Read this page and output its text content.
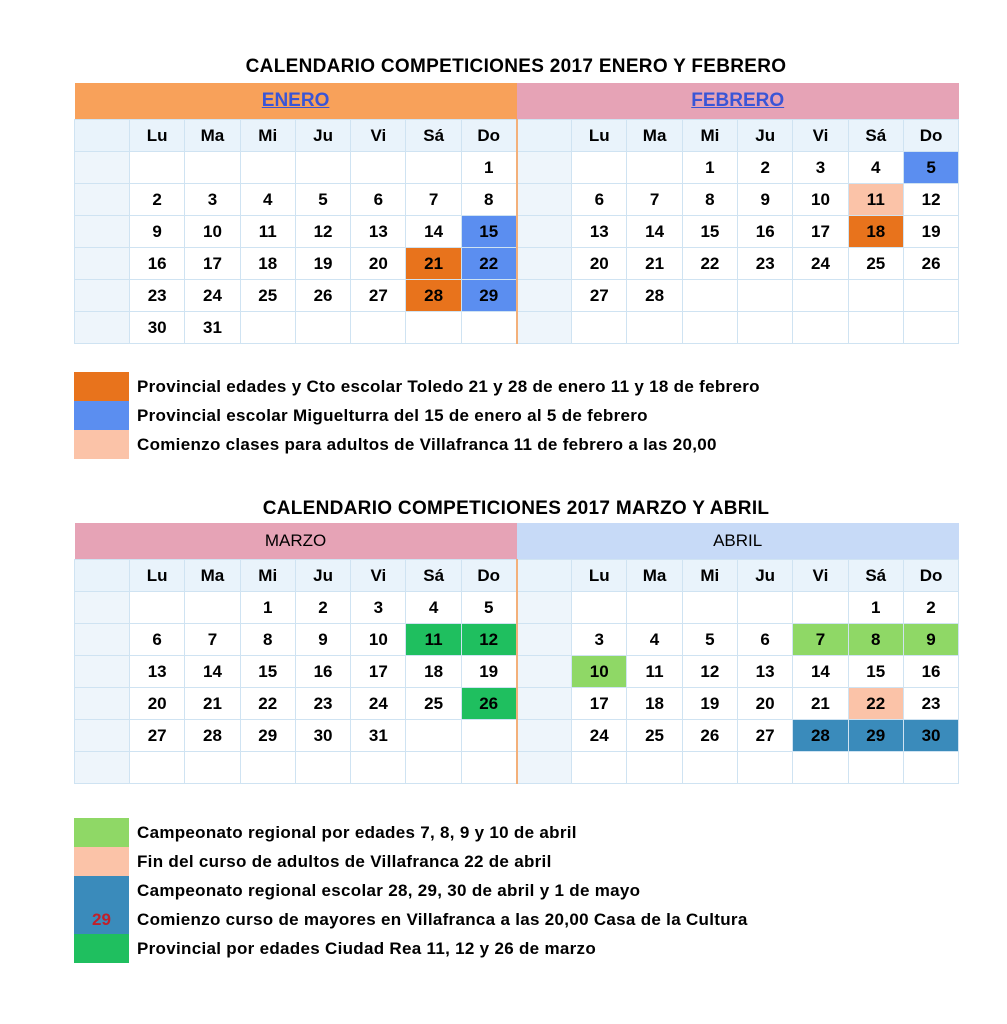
CALENDARIO COMPETICIONES 2017 ENERO Y FEBRERO
ENERO								FEBRERO							
	Lu	Ma	Mi	Ju	Vi	Sá	Do		Lu	Ma	Mi	Ju	Vi	Sá	Do
							1				1	2	3	4	5
	2	3	4	5	6	7	8		6	7	8	9	10	11	12
	9	10	11	12	13	14	15		13	14	15	16	17	18	19
	16	17	18	19	20	21	22		20	21	22	23	24	25	26
	23	24	25	26	27	28	29		27	28					
	30	31													
Provincial edades y Cto escolar Toledo 21 y 28 de enero 11 y 18 de febrero
Provincial escolar Miguelturra del 15 de enero al 5 de febrero
Comienzo clases para adultos de Villafranca 11 de febrero a las 20,00
CALENDARIO COMPETICIONES 2017 MARZO Y ABRIL
MARZO								ABRIL							
	Lu	Ma	Mi	Ju	Vi	Sá	Do		Lu	Ma	Mi	Ju	Vi	Sá	Do
			1	2	3	4	5							1	2
	6	7	8	9	10	11	12		3	4	5	6	7	8	9
	13	14	15	16	17	18	19		10	11	12	13	14	15	16
	20	21	22	23	24	25	26		17	18	19	20	21	22	23
	27	28	29	30	31				24	25	26	27	28	29	30

Campeonato regional por edades 7, 8, 9 y 10 de abril
Fin del curso de adultos de Villafranca 22 de abril
Campeonato regional escolar 28, 29, 30 de abril y 1 de mayo
29	Comienzo curso de mayores en Villafranca a las 20,00 Casa de la Cultura
Provincial por edades Ciudad Rea 11, 12 y 26 de marzo
